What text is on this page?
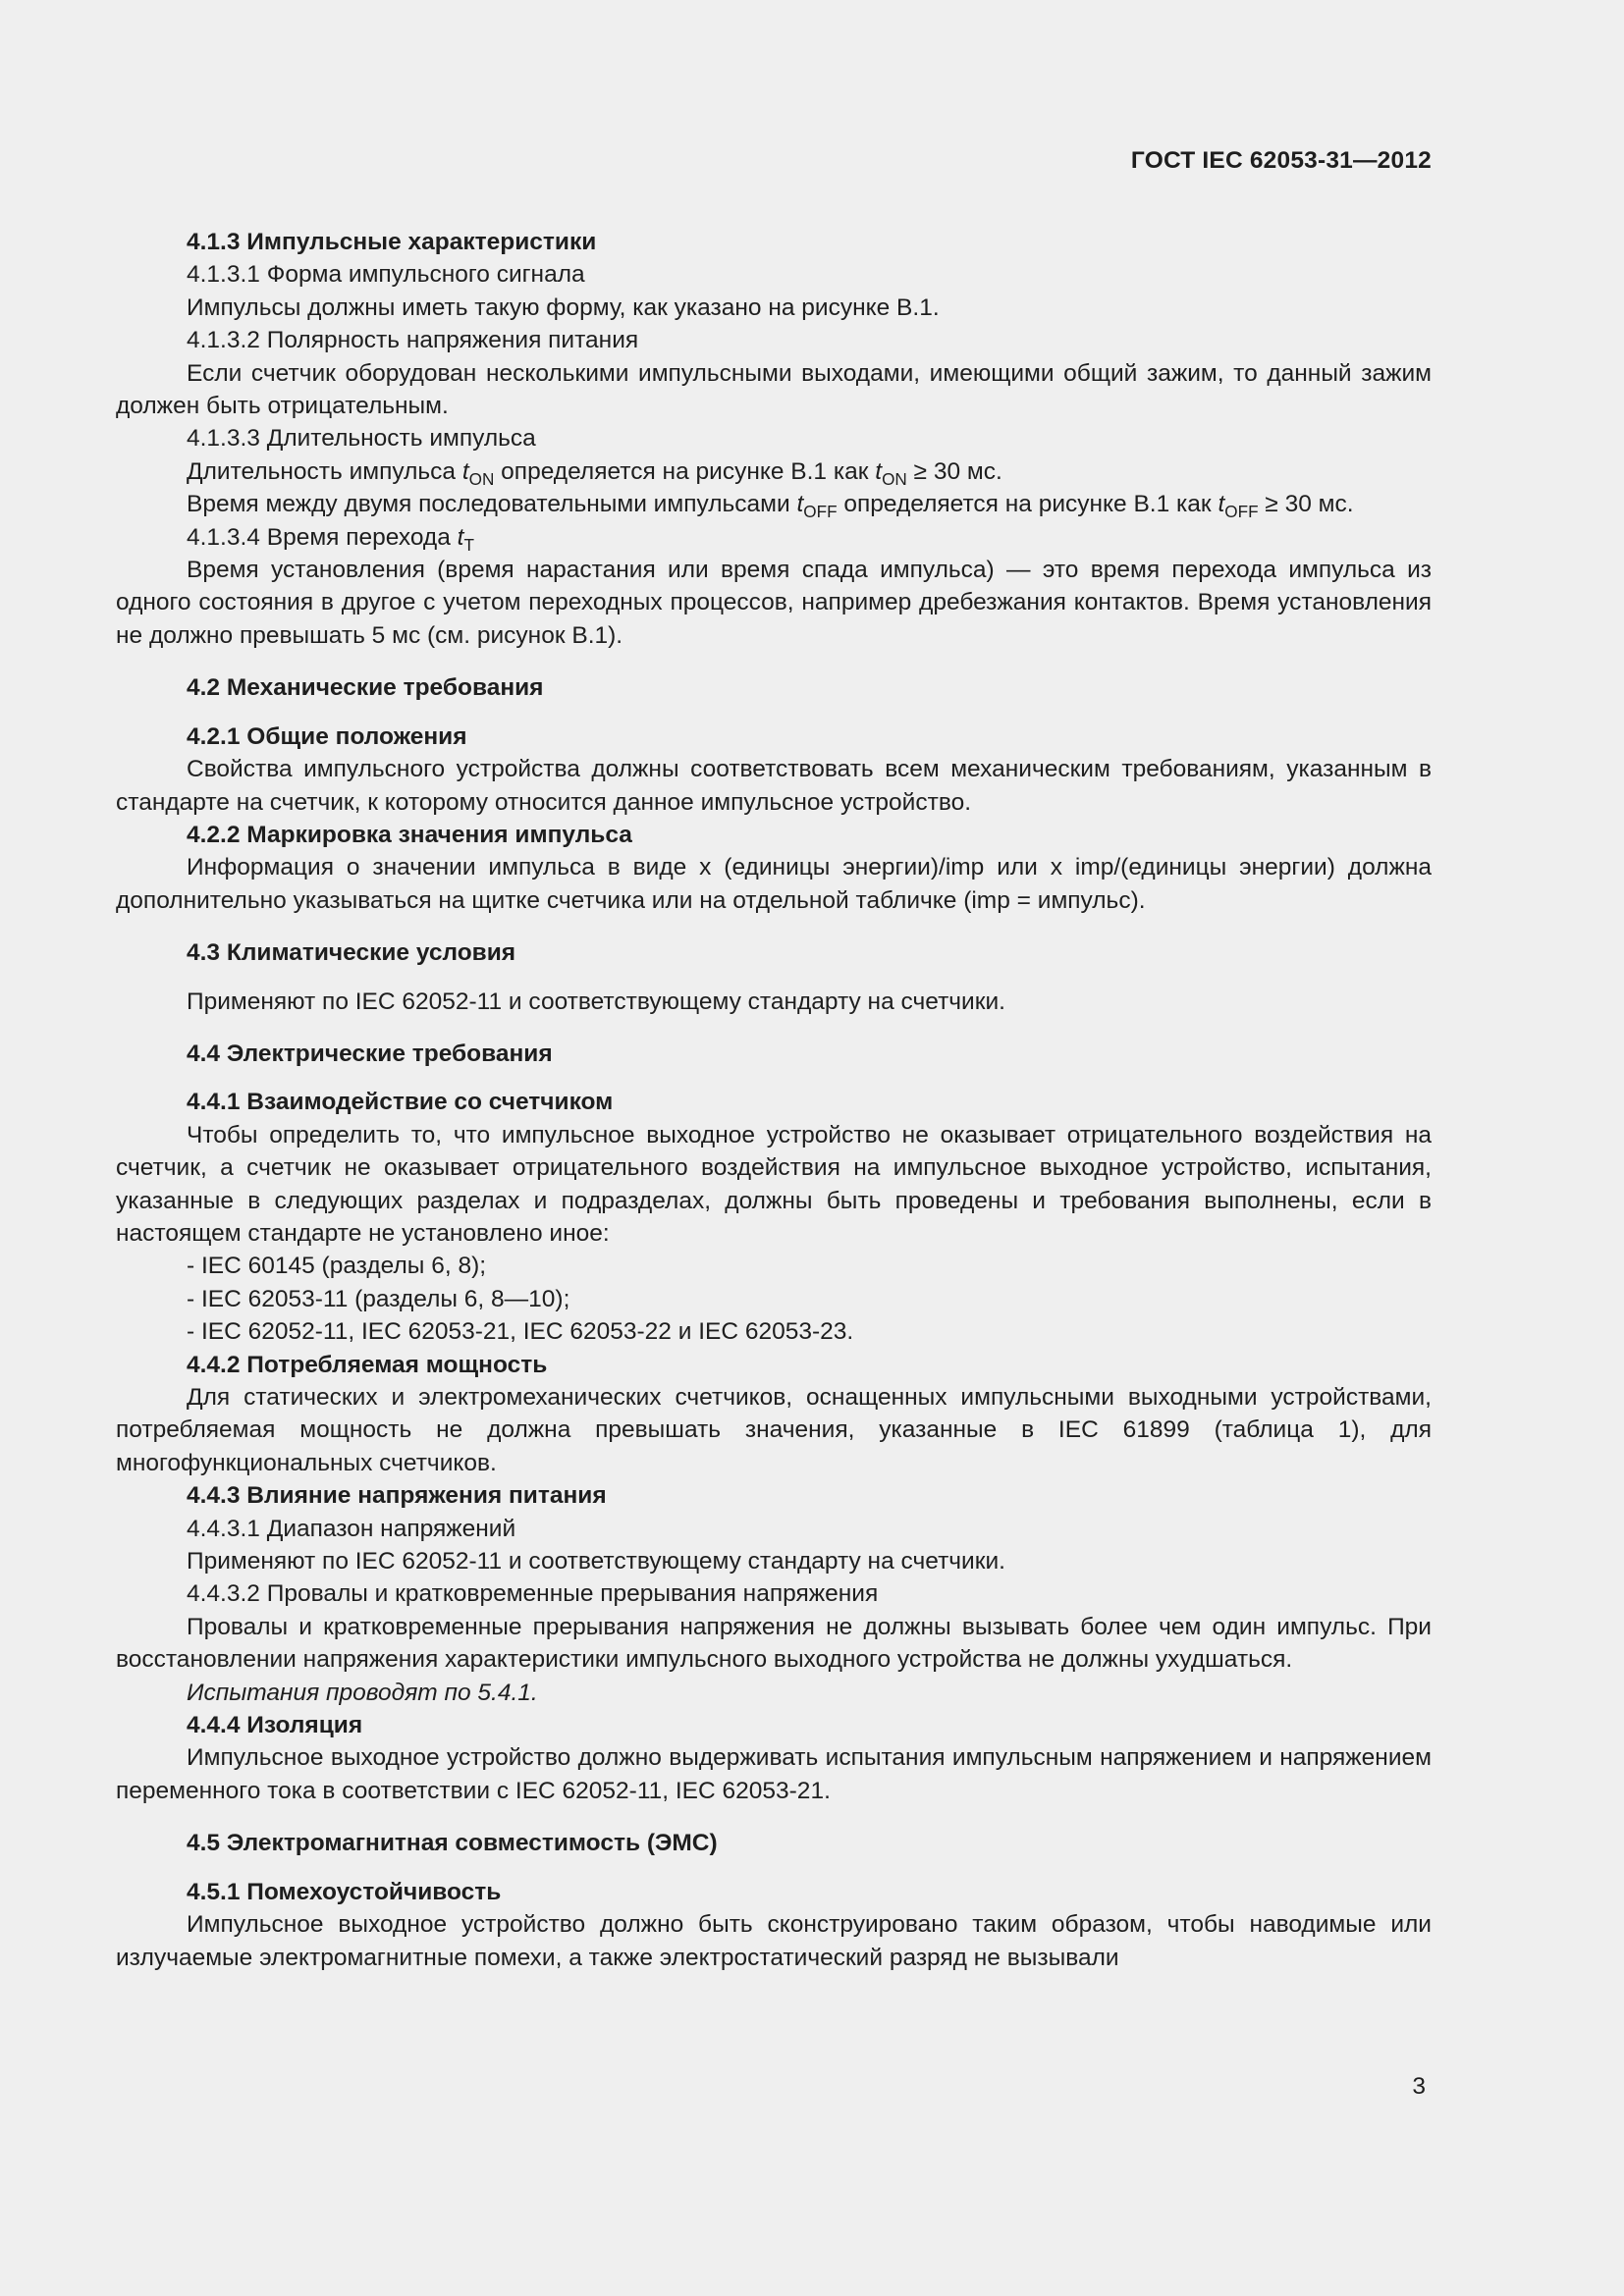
ГОСТ IEC 62053-31—2012

4.1.3 Импульсные характеристики

4.1.3.1 Форма импульсного сигнала

Импульсы должны иметь такую форму, как указано на рисунке В.1.

4.1.3.2 Полярность напряжения питания

Если счетчик оборудован несколькими импульсными выходами, имеющими общий зажим, то данный зажим должен быть отрицательным.

4.1.3.3 Длительность импульса

Длительность импульса $t_{ON}$ определяется на рисунке В.1 как $t_{ON} \ge 30$ мс.

Время между двумя последовательными импульсами $t_{OFF}$ определяется на рисунке В.1 как $t_{OFF} \ge 30$ мс.

4.1.3.4 Время перехода $t_T$

Время установления (время нарастания или время спада импульса) — это время перехода импульса из одного состояния в другое с учетом переходных процессов, например дребезжания контактов. Время установления не должно превышать 5 мс (см. рисунок В.1).

4.2 Механические требования

4.2.1 Общие положения

Свойства импульсного устройства должны соответствовать всем механическим требованиям, указанным в стандарте на счетчик, к которому относится данное импульсное устройство.

4.2.2 Маркировка значения импульса

Информация о значении импульса в виде x (единицы энергии)/imp или x imp/(единицы энергии) должна дополнительно указываться на щитке счетчика или на отдельной табличке (imp = импульс).

4.3 Климатические условия

Применяют по IEC 62052-11 и соответствующему стандарту на счетчики.

4.4 Электрические требования

4.4.1 Взаимодействие со счетчиком

Чтобы определить то, что импульсное выходное устройство не оказывает отрицательного воздействия на счетчик, а счетчик не оказывает отрицательного воздействия на импульсное выходное устройство, испытания, указанные в следующих разделах и подразделах, должны быть проведены и требования выполнены, если в настоящем стандарте не установлено иное:

- IEC 60145 (разделы 6, 8);

- IEC 62053-11 (разделы 6, 8—10);

- IEC 62052-11, IEC 62053-21, IEC 62053-22 и IEC 62053-23.

4.4.2 Потребляемая мощность

Для статических и электромеханических счетчиков, оснащенных импульсными выходными устройствами, потребляемая мощность не должна превышать значения, указанные в IEC 61899 (таблица 1), для многофункциональных счетчиков.

4.4.3 Влияние напряжения питания

4.4.3.1 Диапазон напряжений

Применяют по IEC 62052-11 и соответствующему стандарту на счетчики.

4.4.3.2 Провалы и кратковременные прерывания напряжения

Провалы и кратковременные прерывания напряжения не должны вызывать более чем один импульс. При восстановлении напряжения характеристики импульсного выходного устройства не должны ухудшаться.

Испытания проводят по 5.4.1.

4.4.4 Изоляция

Импульсное выходное устройство должно выдерживать испытания импульсным напряжением и напряжением переменного тока в соответствии с IEC 62052-11, IEC 62053-21.

4.5 Электромагнитная совместимость (ЭМС)

4.5.1 Помехоустойчивость

Импульсное выходное устройство должно быть сконструировано таким образом, чтобы наводимые или излучаемые электромагнитные помехи, а также электростатический разряд не вызывали

3
